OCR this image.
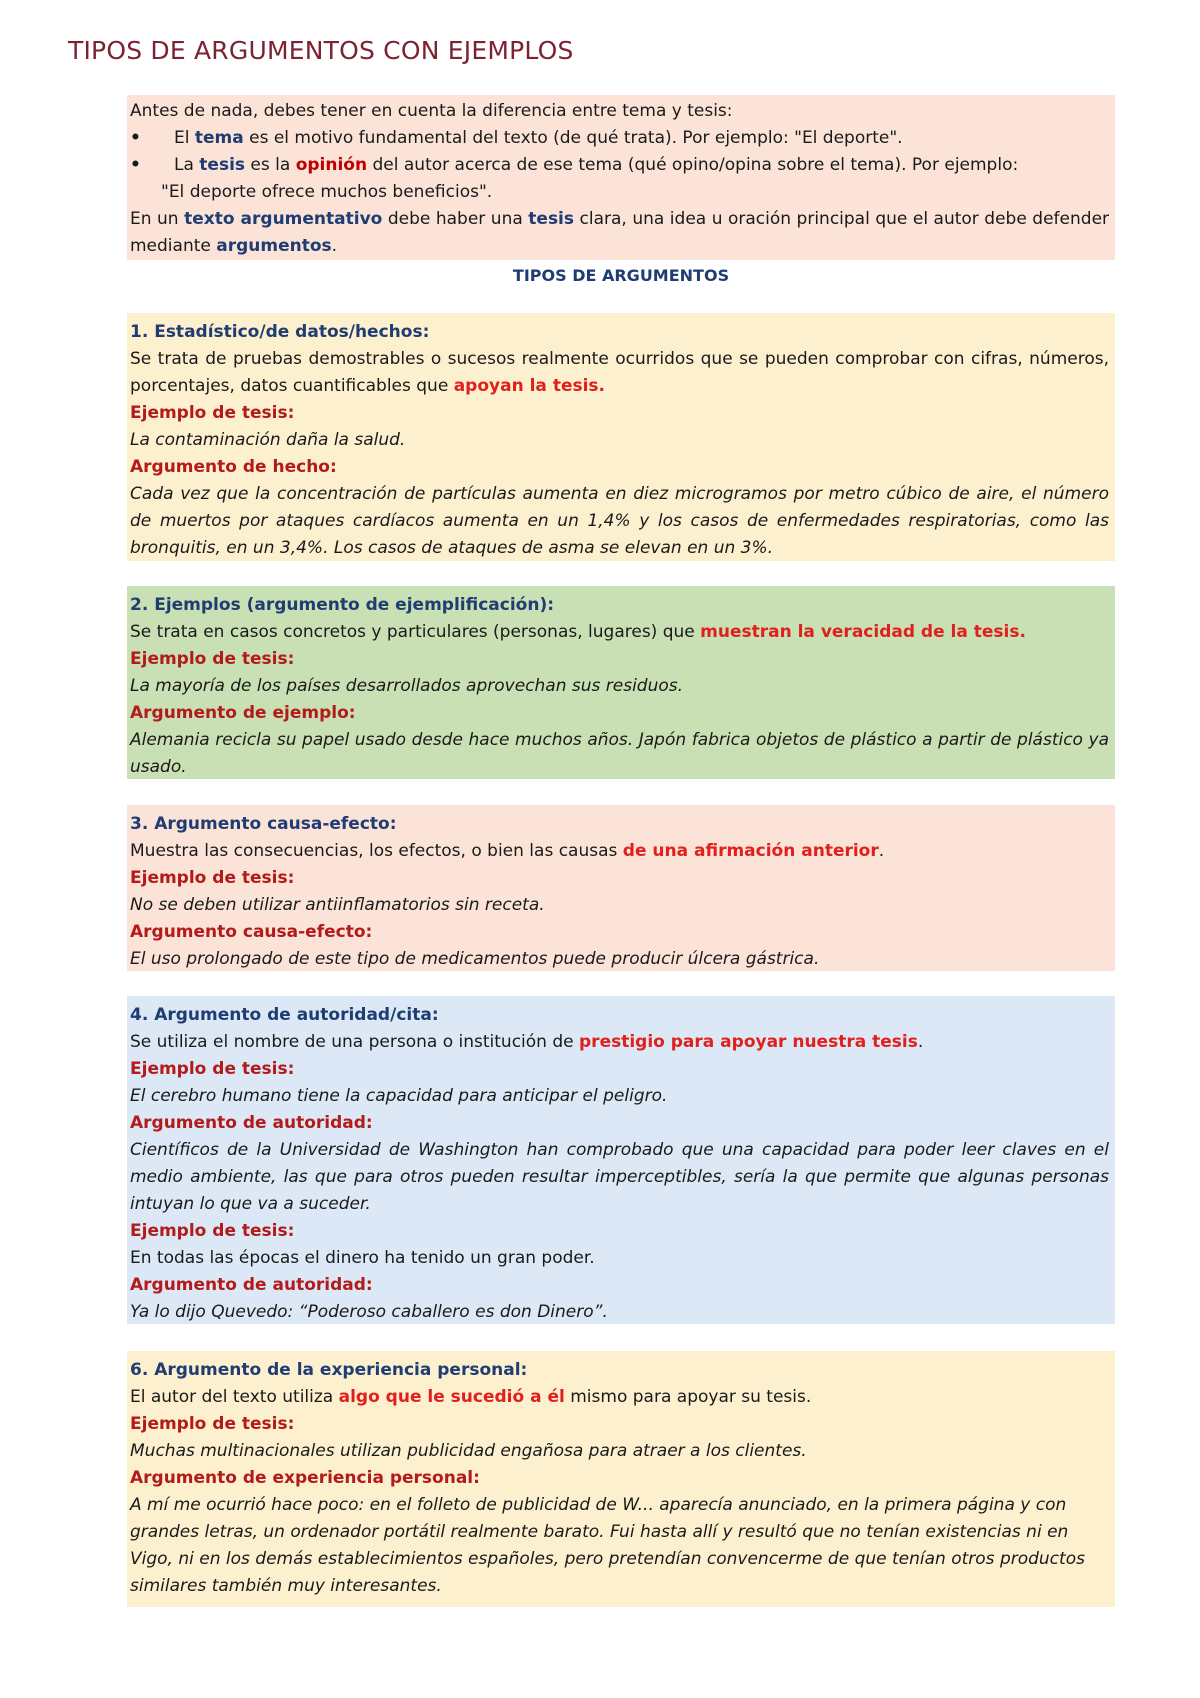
TIPOS DE ARGUMENTOS CON EJEMPLOS

Antes de nada, debes tener en cuenta la diferencia entre tema y tesis:

• El tema es el motivo fundamental del texto (de qué trata). Por ejemplo: "El deporte".

• La tesis es la opinión del autor acerca de ese tema (qué opino/opina sobre el tema). Por ejemplo:

"El deporte ofrece muchos beneficios".

En un texto argumentativo debe haber una tesis clara, una idea u oración principal que el autor debe defender mediante argumentos.

TIPOS DE ARGUMENTOS

1. Estadístico/de datos/hechos:

Se trata de pruebas demostrables o sucesos realmente ocurridos que se pueden comprobar con cifras, números, porcentajes, datos cuantificables que apoyan la tesis.

Ejemplo de tesis:

La contaminación daña la salud.

Argumento de hecho:

Cada vez que la concentración de partículas aumenta en diez microgramos por metro cúbico de aire, el número de muertos por ataques cardíacos aumenta en un 1,4% y los casos de enfermedades respiratorias, como las bronquitis, en un 3,4%. Los casos de ataques de asma se elevan en un 3%.

2. Ejemplos (argumento de ejemplificación):

Se trata en casos concretos y particulares (personas, lugares) que muestran la veracidad de la tesis.

Ejemplo de tesis:

La mayoría de los países desarrollados aprovechan sus residuos.

Argumento de ejemplo:

Alemania recicla su papel usado desde hace muchos años. Japón fabrica objetos de plástico a partir de plástico ya usado.

3. Argumento causa-efecto:

Muestra las consecuencias, los efectos, o bien las causas de una afirmación anterior.

Ejemplo de tesis:

No se deben utilizar antiinflamatorios sin receta.

Argumento causa-efecto:

El uso prolongado de este tipo de medicamentos puede producir úlcera gástrica.

4. Argumento de autoridad/cita:

Se utiliza el nombre de una persona o institución de prestigio para apoyar nuestra tesis.

Ejemplo de tesis:

El cerebro humano tiene la capacidad para anticipar el peligro.

Argumento de autoridad:

Científicos de la Universidad de Washington han comprobado que una capacidad para poder leer claves en el medio ambiente, las que para otros pueden resultar imperceptibles, sería la que permite que algunas personas intuyan lo que va a suceder.

Ejemplo de tesis:

En todas las épocas el dinero ha tenido un gran poder.

Argumento de autoridad:

Ya lo dijo Quevedo: “Poderoso caballero es don Dinero”.

6. Argumento de la experiencia personal:

El autor del texto utiliza algo que le sucedió a él mismo para apoyar su tesis.

Ejemplo de tesis:

Muchas multinacionales utilizan publicidad engañosa para atraer a los clientes.

Argumento de experiencia personal:

A mí me ocurrió hace poco: en el folleto de publicidad de W... aparecía anunciado, en la primera página y con grandes letras, un ordenador portátil realmente barato. Fui hasta allí y resultó que no tenían existencias ni en Vigo, ni en los demás establecimientos españoles, pero pretendían convencerme de que tenían otros productos similares también muy interesantes.
